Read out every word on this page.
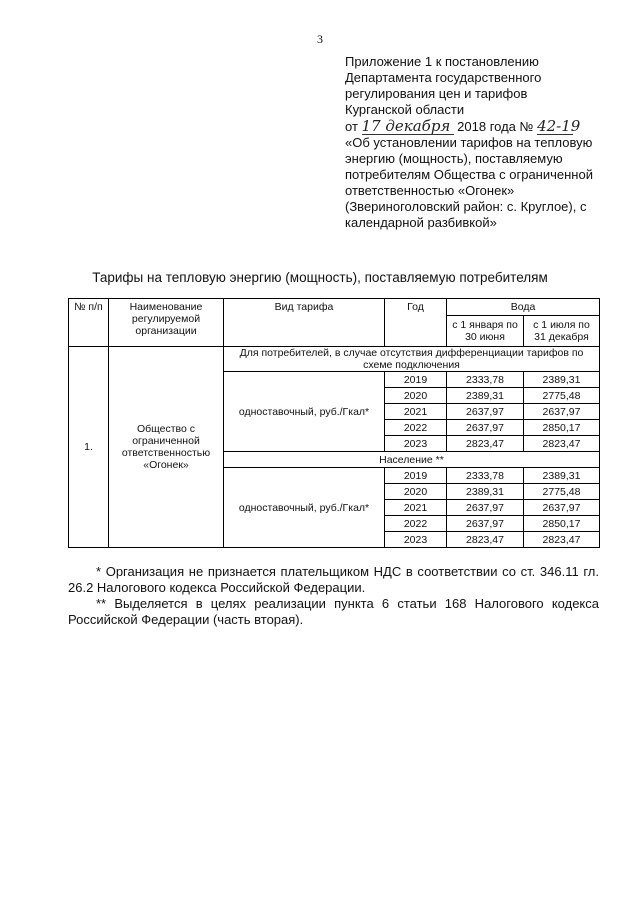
3
Приложение 1 к постановлению
Департамента государственного
регулирования цен и тарифов
Курганской области
от 17 декабря 2018 года № 42-19
«Об установлении тарифов на тепловую
энергию (мощность), поставляемую
потребителям Общества с ограниченной
ответственностью «Огонек»
(Звериноголовский район: с. Круглое), с
календарной разбивкой»
Тарифы на тепловую энергию (мощность), поставляемую потребителям
№ п/п	Наименование регулируемой организации	Вид тарифа	Год	Вода	
				с 1 января по 30 июня	с 1 июля по 31 декабря
1.	Общество с ограниченной ответственностью «Огонек»	Для потребителей, в случае отсутствия дифференциации тарифов по схеме подключения			
		одноставочный, руб./Гкал*	2019	2333,78	2389,31
			2020	2389,31	2775,48
			2021	2637,97	2637,97
			2022	2637,97	2850,17
			2023	2823,47	2823,47
		Население **			
		одноставочный, руб./Гкал*	2019	2333,78	2389,31
			2020	2389,31	2775,48
			2021	2637,97	2637,97
			2022	2637,97	2850,17
			2023	2823,47	2823,47

* Организация не признается плательщиком НДС в соответствии со ст. 346.11 гл. 26.2 Налогового кодекса Российской Федерации.

** Выделяется в целях реализации пункта 6 статьи 168 Налогового кодекса Российской Федерации (часть вторая).
